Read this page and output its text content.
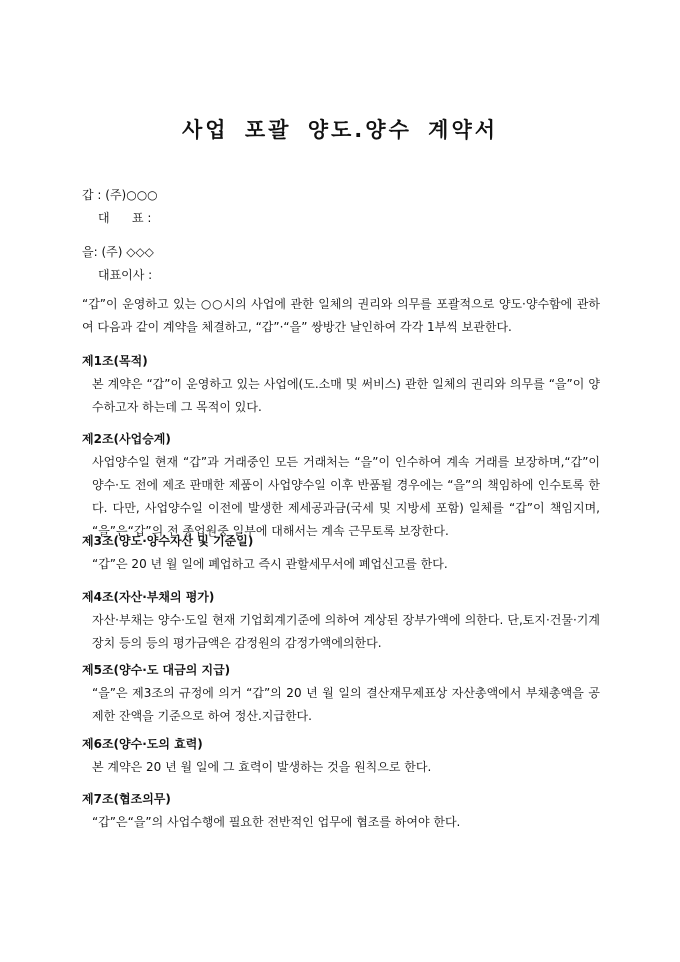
사업 포괄 양도.양수 계약서
갑 : (주)○○○
대 표 :
을: (주) ◇◇◇
대표이사 :
“갑”이 운영하고 있는 ○○시의 사업에 관한 일체의 권리와 의무를 포괄적으로 양도·양수함에 관하여 다음과 같이 계약을 체결하고, “갑”·“을” 쌍방간 날인하여 각각 1부씩 보관한다.
제1조(목적)

본 계약은 “갑”이 운영하고 있는 사업에(도.소매 및 써비스) 관한 일체의 권리와 의무를 “을”이 양수하고자 하는데 그 목적이 있다.

제2조(사업승계)

사업양수일 현재 “갑”과 거래중인 모든 거래처는 “을”이 인수하여 계속 거래를 보장하며,“갑”이 양수·도 전에 제조 판매한 제품이 사업양수일 이후 반품될 경우에는 “을”의 책임하에 인수토록 한다. 다만, 사업양수일 이전에 발생한 제세공과금(국세 및 지방세 포함) 일체를 “갑”이 책임지며, “을”은“갑”의 전 종업원중 일부에 대해서는 계속 근무토록 보장한다.

제3조(양도·양수자산 및 기준일)

“갑”은 20 년 월 일에 폐업하고 즉시 관할세무서에 폐업신고를 한다.

제4조(자산·부채의 평가)

자산·부채는 양수·도일 현재 기업회계기준에 의하여 계상된 장부가액에 의한다. 단,토지·건물·기계장치 등의 등의 평가금액은 감정원의 감정가액에의한다.

제5조(양수·도 대금의 지급)

“을”은 제3조의 규정에 의거 “갑”의 20 년 월 일의 결산재무제표상 자산총액에서 부채총액을 공제한 잔액을 기준으로 하여 정산.지급한다.

제6조(양수·도의 효력)

본 계약은 20 년 월 일에 그 효력이 발생하는 것을 원칙으로 한다.

제7조(협조의무)

“갑”은“을”의 사업수행에 필요한 전반적인 업무에 협조를 하여야 한다.
